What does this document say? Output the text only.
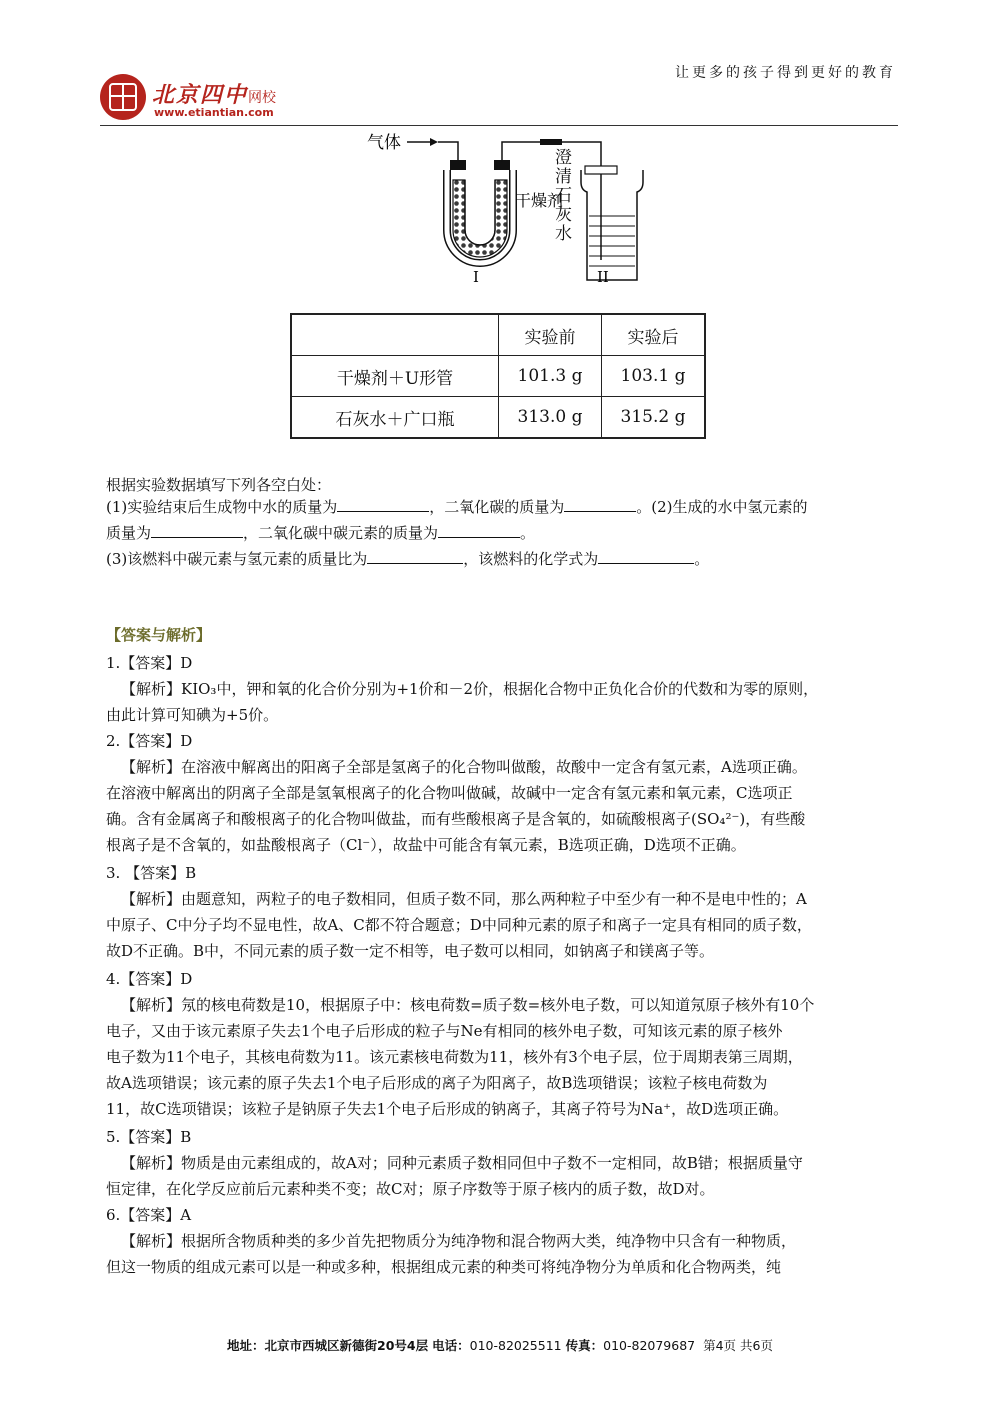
北京四中网校
www.etiantian.com
让更多的孩子得到更好的教育
气体
干燥剂
澄清石灰水
I	II
	实验前	实验后
干燥剂＋U形管	101.3 g	103.1 g
石灰水＋广口瓶	313.0 g	315.2 g
根据实验数据填写下列各空白处：
(1)实验结束后生成物中水的质量为	，二氧化碳的质量为	。(2)生成的水中氢元素的
质量为	，二氧化碳中碳元素的质量为	。
(3)该燃料中碳元素与氢元素的质量比为	，该燃料的化学式为	。
【答案与解析】
1.【答案】D
【解析】KIO₃中，钾和氧的化合价分别为+1价和－2价，根据化合物中正负化合价的代数和为零的原则，
由此计算可知碘为+5价。
2.【答案】D
【解析】在溶液中解离出的阳离子全部是氢离子的化合物叫做酸，故酸中一定含有氢元素，A选项正确。
在溶液中解离出的阴离子全部是氢氧根离子的化合物叫做碱，故碱中一定含有氢元素和氧元素，C选项正
确。含有金属离子和酸根离子的化合物叫做盐，而有些酸根离子是含氧的，如硫酸根离子(SO₄²⁻)，有些酸
根离子是不含氧的，如盐酸根离子（Cl⁻），故盐中可能含有氧元素，B选项正确，D选项不正确。
3. 【答案】B
【解析】由题意知，两粒子的电子数相同，但质子数不同，那么两种粒子中至少有一种不是电中性的；A
中原子、C中分子均不显电性，故A、C都不符合题意；D中同种元素的原子和离子一定具有相同的质子数，
故D不正确。B中，不同元素的质子数一定不相等，电子数可以相同，如钠离子和镁离子等。
4.【答案】D
【解析】氖的核电荷数是10，根据原子中：核电荷数=质子数=核外电子数，可以知道氖原子核外有10个
电子，又由于该元素原子失去1个电子后形成的粒子与Ne有相同的核外电子数，可知该元素的原子核外
电子数为11个电子，其核电荷数为11。该元素核电荷数为11，核外有3个电子层，位于周期表第三周期，
故A选项错误；该元素的原子失去1个电子后形成的离子为阳离子，故B选项错误；该粒子核电荷数为
11，故C选项错误；该粒子是钠原子失去1个电子后形成的钠离子，其离子符号为Na⁺，故D选项正确。
5.【答案】B
【解析】物质是由元素组成的，故A对；同种元素质子数相同但中子数不一定相同，故B错；根据质量守
恒定律，在化学反应前后元素种类不变；故C对；原子序数等于原子核内的质子数，故D对。
6.【答案】A
【解析】根据所含物质种类的多少首先把物质分为纯净物和混合物两大类，纯净物中只含有一种物质，
但这一物质的组成元素可以是一种或多种，根据组成元素的种类可将纯净物分为单质和化合物两类，纯
地址：北京市西城区新德街20号4层 电话：010-82025511 传真：010-82079687 第4页 共6页
